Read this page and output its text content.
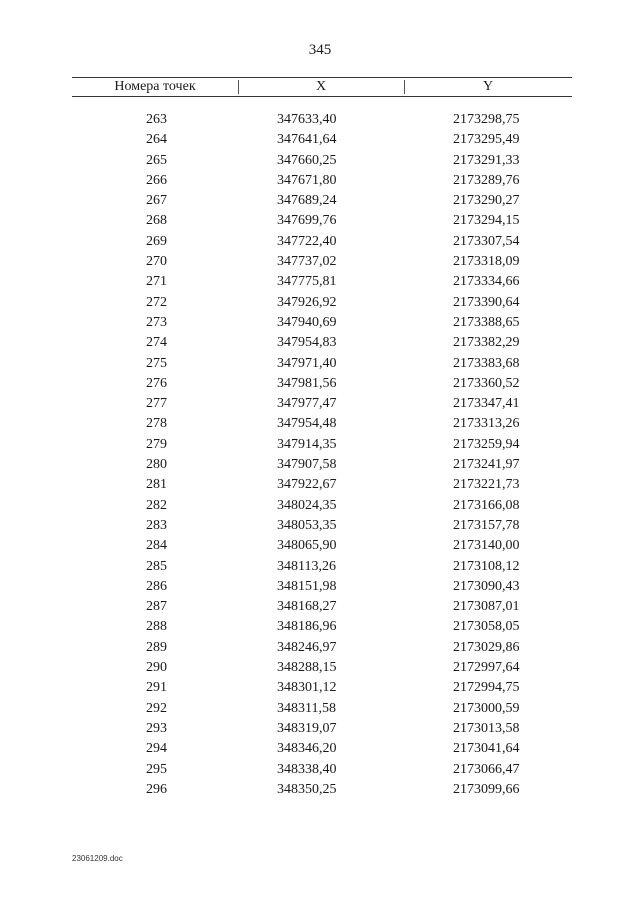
345
Номера точек	X	Y
263	347633,40	2173298,75
264	347641,64	2173295,49
265	347660,25	2173291,33
266	347671,80	2173289,76
267	347689,24	2173290,27
268	347699,76	2173294,15
269	347722,40	2173307,54
270	347737,02	2173318,09
271	347775,81	2173334,66
272	347926,92	2173390,64
273	347940,69	2173388,65
274	347954,83	2173382,29
275	347971,40	2173383,68
276	347981,56	2173360,52
277	347977,47	2173347,41
278	347954,48	2173313,26
279	347914,35	2173259,94
280	347907,58	2173241,97
281	347922,67	2173221,73
282	348024,35	2173166,08
283	348053,35	2173157,78
284	348065,90	2173140,00
285	348113,26	2173108,12
286	348151,98	2173090,43
287	348168,27	2173087,01
288	348186,96	2173058,05
289	348246,97	2173029,86
290	348288,15	2172997,64
291	348301,12	2172994,75
292	348311,58	2173000,59
293	348319,07	2173013,58
294	348346,20	2173041,64
295	348338,40	2173066,47
296	348350,25	2173099,66
23061209.doc
